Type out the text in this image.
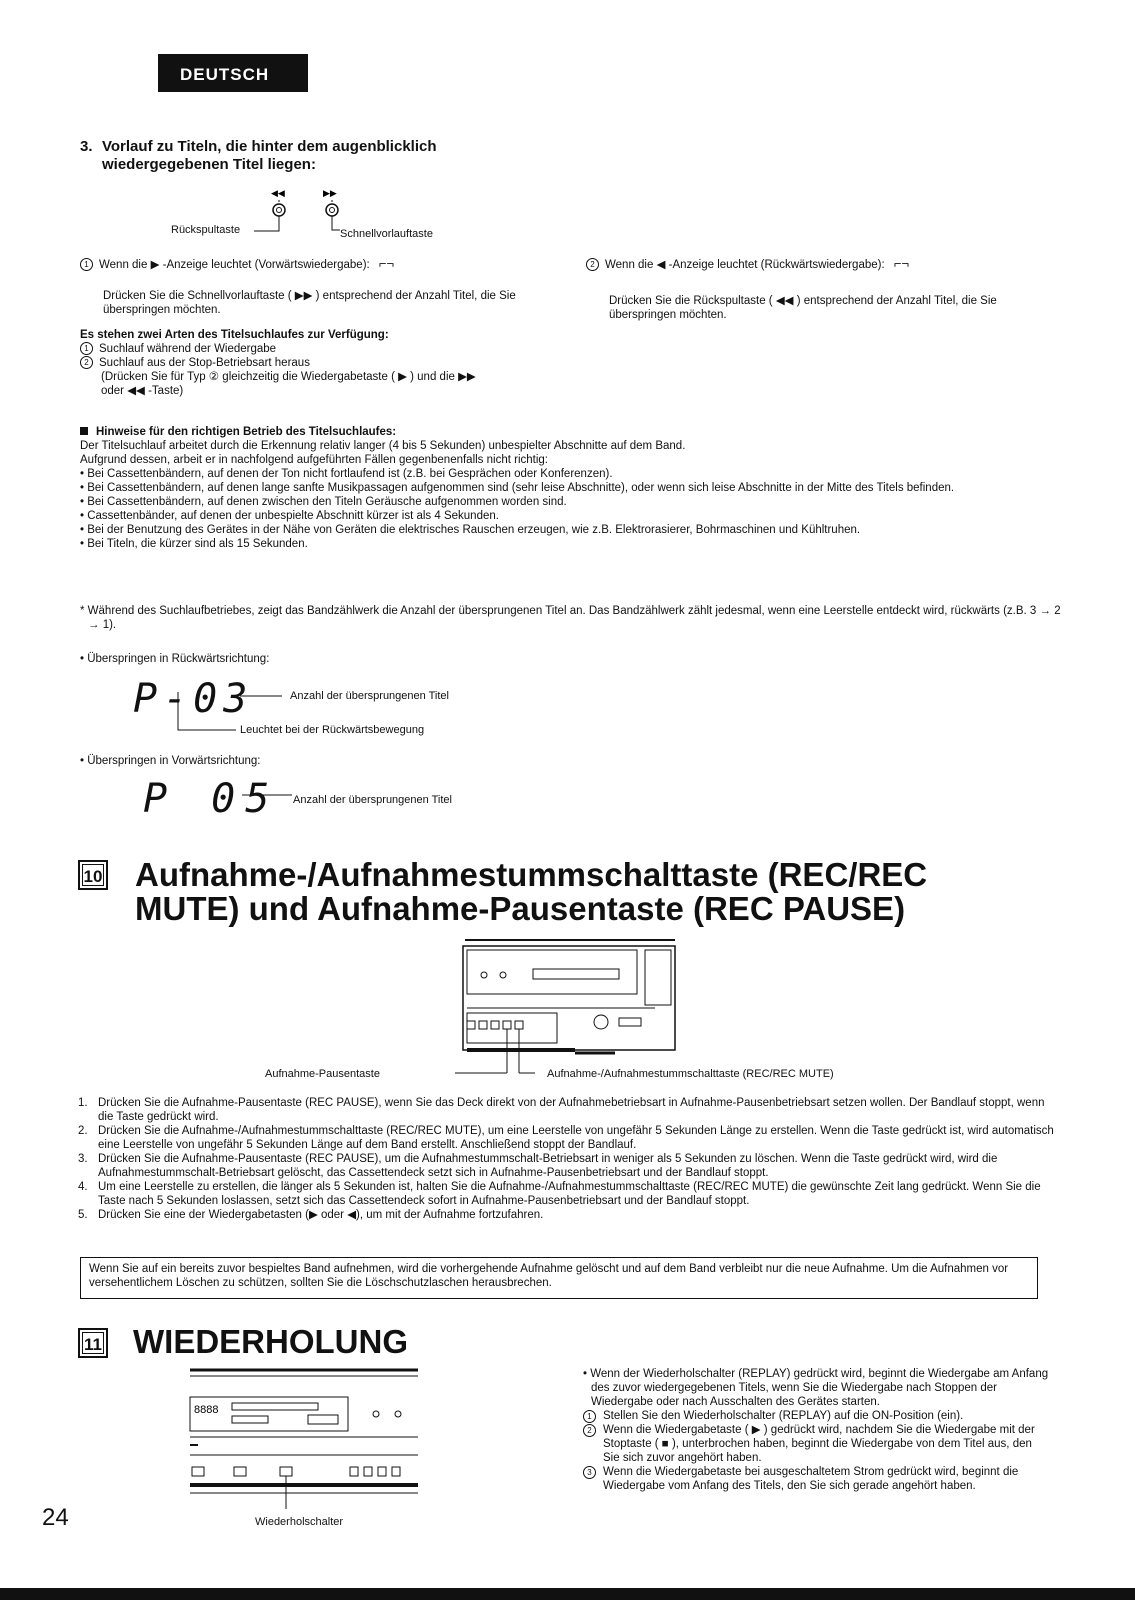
DEUTSCH
3. Vorlauf zu Titeln, die hinter dem augenblicklich wiedergegebenen Titel liegen:
◀◀	▶▶
Rückspultaste	Schnellvorlauftaste
1 Wenn die ▶ -Anzeige leuchtet (Vorwärtswiedergabe): ⌐¬
Drücken Sie die Schnellvorlauftaste ( ▶▶ ) entsprechend der Anzahl Titel, die Sie überspringen möchten.
2 Wenn die ◀ -Anzeige leuchtet (Rückwärtswiedergabe): ⌐¬
Drücken Sie die Rückspultaste ( ◀◀ ) entsprechend der Anzahl Titel, die Sie überspringen möchten.
Es stehen zwei Arten des Titelsuchlaufes zur Verfügung:
1 Suchlauf während der Wiedergabe
2 Suchlauf aus der Stop-Betriebsart heraus
(Drücken Sie für Typ ② gleichzeitig die Wiedergabetaste ( ▶ ) und die ▶▶
oder ◀◀ -Taste)
Hinweise für den richtigen Betrieb des Titelsuchlaufes:
Der Titelsuchlauf arbeitet durch die Erkennung relativ langer (4 bis 5 Sekunden) unbespielter Abschnitte auf dem Band.
Aufgrund dessen, arbeit er in nachfolgend aufgeführten Fällen gegenbenenfalls nicht richtig:
• Bei Cassettenbändern, auf denen der Ton nicht fortlaufend ist (z.B. bei Gesprächen oder Konferenzen).
• Bei Cassettenbändern, auf denen lange sanfte Musikpassagen aufgenommen sind (sehr leise Abschnitte), oder wenn sich leise Abschnitte in der Mitte des Titels befinden.
• Bei Cassettenbändern, auf denen zwischen den Titeln Geräusche aufgenommen worden sind.
• Cassettenbänder, auf denen der unbespielte Abschnitt kürzer ist als 4 Sekunden.
• Bei der Benutzung des Gerätes in der Nähe von Geräten die elektrisches Rauschen erzeugen, wie z.B. Elektrorasierer, Bohrmaschinen und Kühltruhen.
• Bei Titeln, die kürzer sind als 15 Sekunden.
* Während des Suchlaufbetriebes, zeigt das Bandzählwerk die Anzahl der übersprungenen Titel an. Das Bandzählwerk zählt jedesmal, wenn eine Leerstelle entdeckt wird, rückwärts (z.B. 3 → 2 → 1).
• Überspringen in Rückwärtsrichtung:
P-03	Anzahl der übersprungenen Titel
Leuchtet bei der Rückwärtsbewegung
• Überspringen in Vorwärtsrichtung:
P 05 Anzahl der übersprungenen Titel
10 Aufnahme-/Aufnahmestummschalttaste (REC/REC
MUTE) und Aufnahme-Pausentaste (REC PAUSE)
Aufnahme-Pausentaste	Aufnahme-/Aufnahmestummschalttaste (REC/REC MUTE)
1. Drücken Sie die Aufnahme-Pausentaste (REC PAUSE), wenn Sie das Deck direkt von der Aufnahmebetriebsart in Aufnahme-Pausenbetriebsart setzen wollen. Der Bandlauf stoppt, wenn die Taste gedrückt wird.
2. Drücken Sie die Aufnahme-/Aufnahmestummschalttaste (REC/REC MUTE), um eine Leerstelle von ungefähr 5 Sekunden Länge zu erstellen. Wenn die Taste gedrückt ist, wird automatisch eine Leerstelle von ungefähr 5 Sekunden Länge auf dem Band erstellt. Anschließend stoppt der Bandlauf.
3. Drücken Sie die Aufnahme-Pausentaste (REC PAUSE), um die Aufnahmestummschalt-Betriebsart in weniger als 5 Sekunden zu löschen. Wenn die Taste gedrückt wird, wird die Aufnahmestummschalt-Betriebsart gelöscht, das Cassettendeck setzt sich in Aufnahme-Pausenbetriebsart und der Bandlauf stoppt.
4. Um eine Leerstelle zu erstellen, die länger als 5 Sekunden ist, halten Sie die Aufnahme-/Aufnahmestummschalttaste (REC/REC MUTE) die gewünschte Zeit lang gedrückt. Wenn Sie die Taste nach 5 Sekunden loslassen, setzt sich das Cassettendeck sofort in Aufnahme-Pausenbetriebsart und der Bandlauf stoppt.
5. Drücken Sie eine der Wiedergabetasten (▶ oder ◀), um mit der Aufnahme fortzufahren.
Wenn Sie auf ein bereits zuvor bespieltes Band aufnehmen, wird die vorhergehende Aufnahme gelöscht und auf dem Band verbleibt nur die neue Aufnahme. Um die Aufnahmen vor versehentlichem Löschen zu schützen, sollten Sie die Löschschutzlaschen herausbrechen.
11 WIEDERHOLUNG
8888
Wiederholschalter
• Wenn der Wiederholschalter (REPLAY) gedrückt wird, beginnt die Wiedergabe am Anfang des zuvor wiedergegebenen Titels, wenn Sie die Wiedergabe nach Stoppen der Wiedergabe oder nach Ausschalten des Gerätes starten.
1 Stellen Sie den Wiederholschalter (REPLAY) auf die ON-Position (ein).
2 Wenn die Wiedergabetaste ( ▶ ) gedrückt wird, nachdem Sie die Wiedergabe mit der Stoptaste ( ■ ), unterbrochen haben, beginnt die Wiedergabe von dem Titel aus, den Sie sich zuvor angehört haben.
3 Wenn die Wiedergabetaste bei ausgeschaltetem Strom gedrückt wird, beginnt die Wiedergabe vom Anfang des Titels, den Sie sich gerade angehört haben.
24
